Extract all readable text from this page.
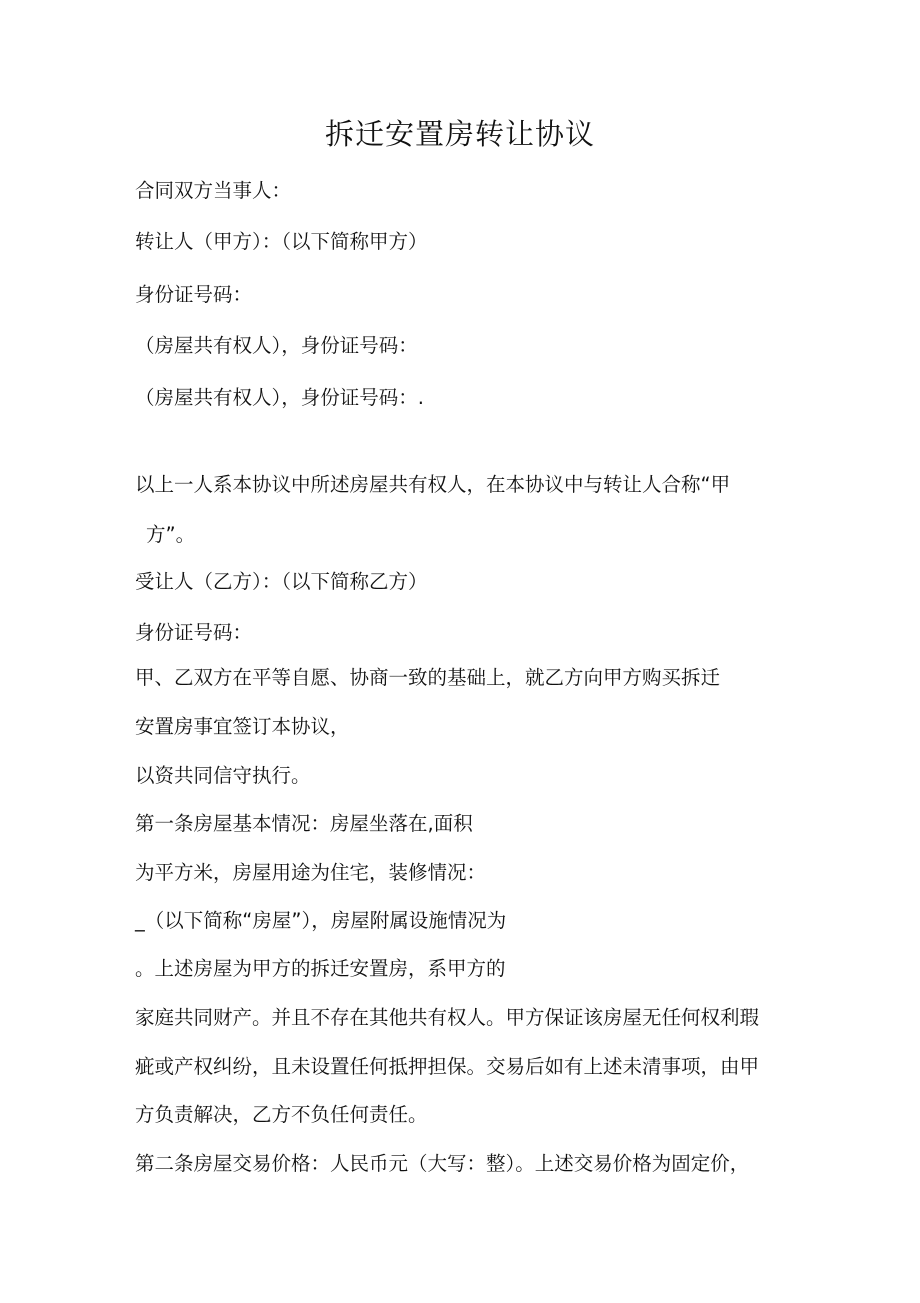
拆迁安置房转让协议
合同双方当事人：
转让人（甲方）：（以下简称甲方）
身份证号码：
（房屋共有权人），身份证号码：
（房屋共有权人），身份证号码：.
以上一人系本协议中所述房屋共有权人，在本协议中与转让人合称“甲
方”。
受让人（乙方）：（以下简称乙方）
身份证号码：
甲、乙双方在平等自愿、协商一致的基础上，就乙方向甲方购买拆迁
安置房事宜签订本协议，
以资共同信守执行。
第一条房屋基本情况：房屋坐落在,面积
为平方米，房屋用途为住宅，装修情况：
_（以下简称“房屋”），房屋附属设施情况为
。上述房屋为甲方的拆迁安置房，系甲方的
家庭共同财产。并且不存在其他共有权人。甲方保证该房屋无任何权利瑕
疵或产权纠纷，且未设置任何抵押担保。交易后如有上述未清事项，由甲
方负责解决，乙方不负任何责任。
第二条房屋交易价格：人民币元（大写：整）。上述交易价格为固定价，
